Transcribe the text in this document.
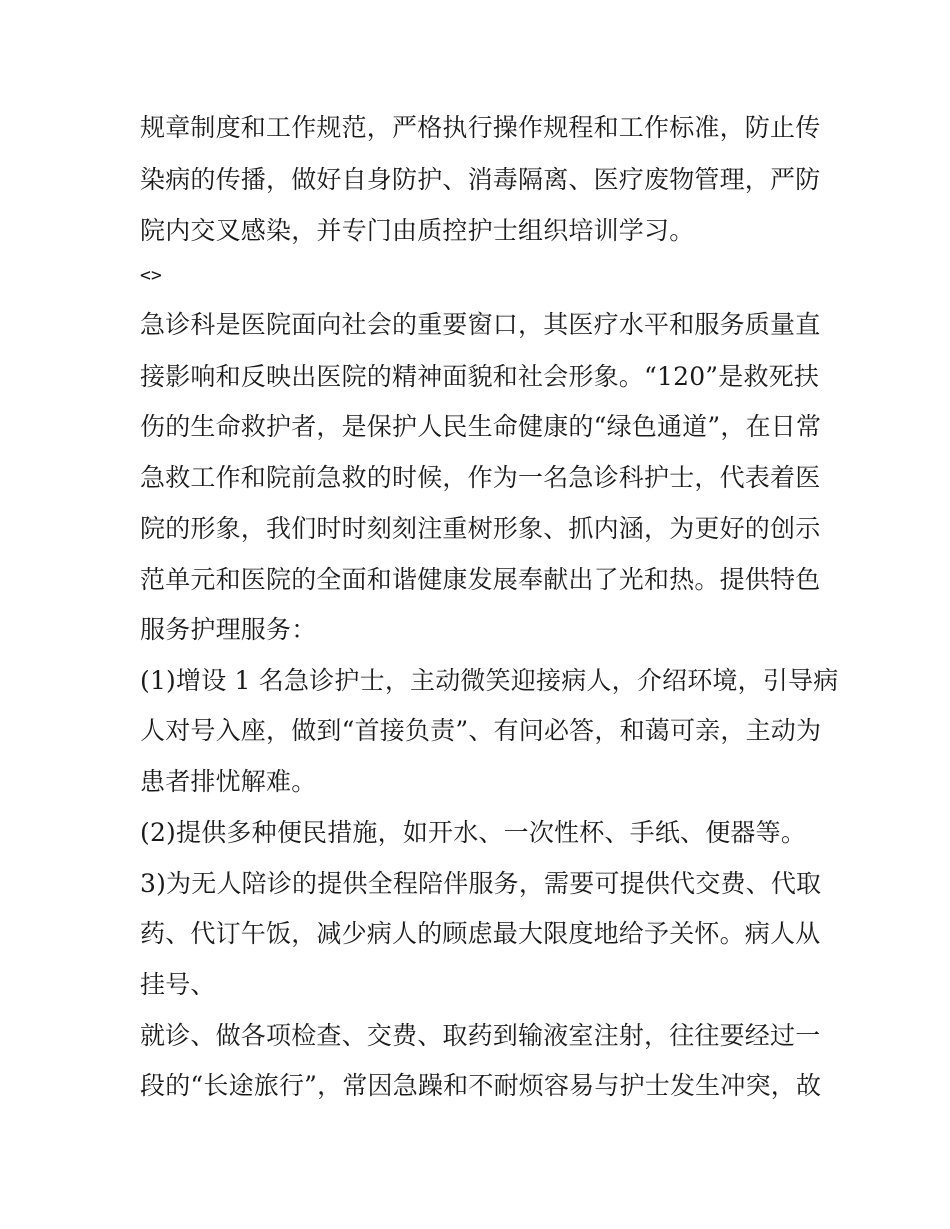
规章制度和工作规范，严格执行操作规程和工作标准，防止传
染病的传播，做好自身防护、消毒隔离、医疗废物管理，严防
院内交叉感染，并专门由质控护士组织培训学习。
<>
急诊科是医院面向社会的重要窗口，其医疗水平和服务质量直
接影响和反映出医院的精神面貌和社会形象。“120”是救死扶
伤的生命救护者，是保护人民生命健康的“绿色通道”，在日常
急救工作和院前急救的时候，作为一名急诊科护士，代表着医
院的形象，我们时时刻刻注重树形象、抓内涵，为更好的创示
范单元和医院的全面和谐健康发展奉献出了光和热。提供特色
服务护理服务：
(1)增设 1 名急诊护士，主动微笑迎接病人，介绍环境，引导病
人对号入座，做到“首接负责”、有问必答，和蔼可亲，主动为
患者排忧解难。
(2)提供多种便民措施，如开水、一次性杯、手纸、便器等。
3)为无人陪诊的提供全程陪伴服务，需要可提供代交费、代取
药、代订午饭，减少病人的顾虑最大限度地给予关怀。病人从
挂号、
就诊、做各项检查、交费、取药到输液室注射，往往要经过一
段的“长途旅行”，常因急躁和不耐烦容易与护士发生冲突，故
